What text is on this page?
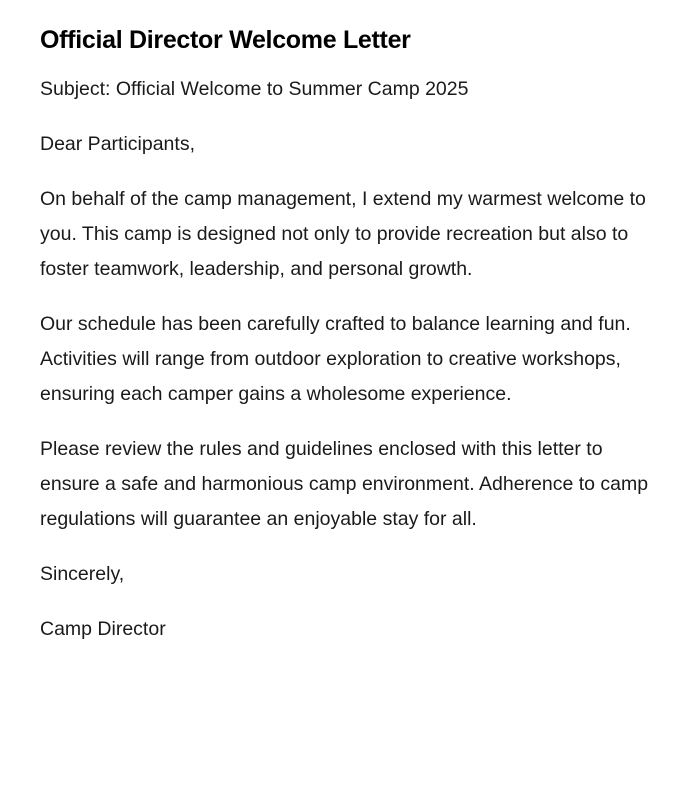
Official Director Welcome Letter

Subject: Official Welcome to Summer Camp 2025

Dear Participants,

On behalf of the camp management, I extend my warmest welcome to you. This camp is designed not only to provide recreation but also to foster teamwork, leadership, and personal growth.

Our schedule has been carefully crafted to balance learning and fun. Activities will range from outdoor exploration to creative workshops, ensuring each camper gains a wholesome experience.

Please review the rules and guidelines enclosed with this letter to ensure a safe and harmonious camp environment. Adherence to camp regulations will guarantee an enjoyable stay for all.

Sincerely,

Camp Director
